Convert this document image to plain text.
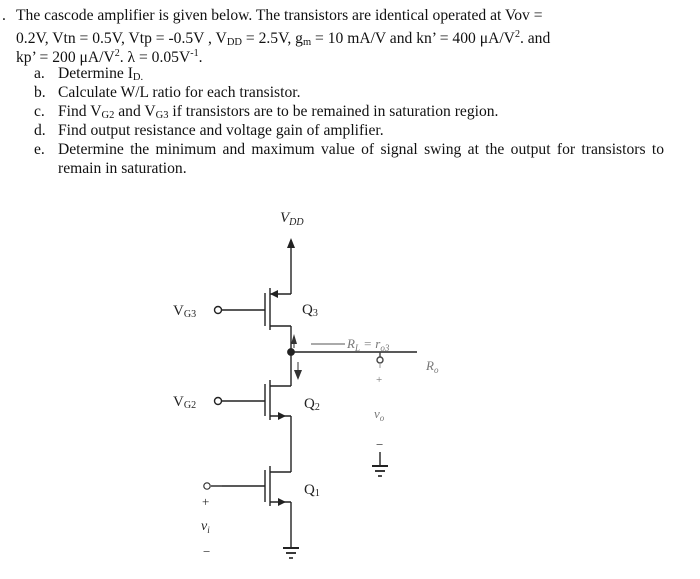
. The cascode amplifier is given below. The transistors are identical operated at Vov =
0.2V, Vtn = 0.5V, Vtp = -0.5V , VDD = 2.5V, gm = 10 mA/V and kn’ = 400 $\mu A/V^2$. and
kp’ = 200 $\mu A/V^2$. $\lambda = 0.05V^{-1}$.
a. Determine ID.
b. Calculate W/L ratio for each transistor.
c. Find VG2 and VG3 if transistors are to be remained in saturation region.
d. Find output resistance and voltage gain of amplifier.
e. Determine the minimum and maximum value of signal swing at the output for transistors to remain in saturation.
$V_{DD}$
VG3
VG2
Q3
Q2
Q1
$R_L = r_{o3}$
$R_o$
+
$v_o$
−
+
$v_i$
−
